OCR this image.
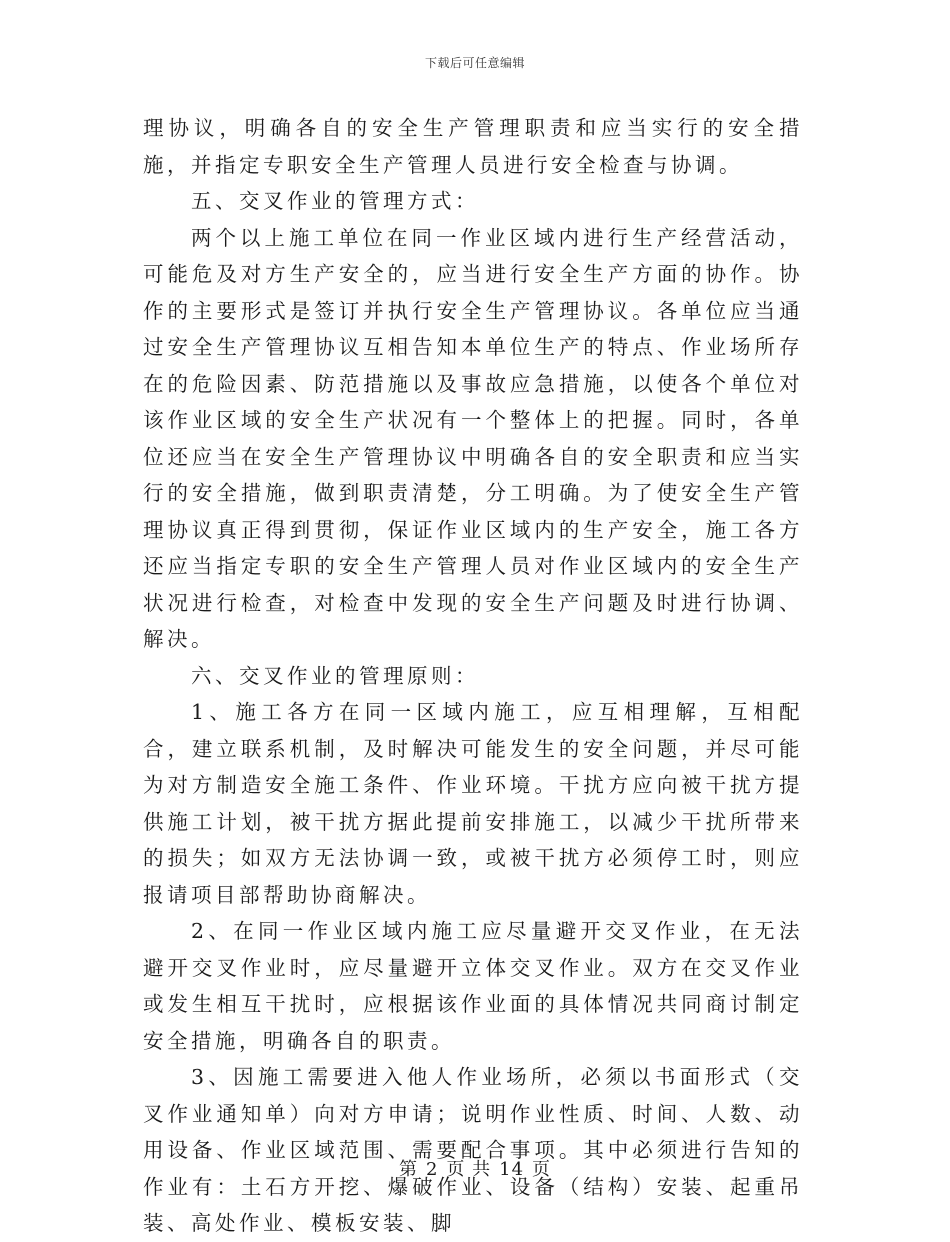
下载后可任意编辑

理协议，明确各自的安全生产管理职责和应当实行的安全措施，并指定专职安全生产管理人员进行安全检查与协调。

五、交叉作业的管理方式：

两个以上施工单位在同一作业区域内进行生产经营活动，可能危及对方生产安全的，应当进行安全生产方面的协作。协作的主要形式是签订并执行安全生产管理协议。各单位应当通过安全生产管理协议互相告知本单位生产的特点、作业场所存在的危险因素、防范措施以及事故应急措施，以使各个单位对该作业区域的安全生产状况有一个整体上的把握。同时，各单位还应当在安全生产管理协议中明确各自的安全职责和应当实行的安全措施，做到职责清楚，分工明确。为了使安全生产管理协议真正得到贯彻，保证作业区域内的生产安全，施工各方还应当指定专职的安全生产管理人员对作业区域内的安全生产状况进行检查，对检查中发现的安全生产问题及时进行协调、解决。

六、交叉作业的管理原则：

1、施工各方在同一区域内施工，应互相理解，互相配合，建立联系机制，及时解决可能发生的安全问题，并尽可能为对方制造安全施工条件、作业环境。干扰方应向被干扰方提供施工计划，被干扰方据此提前安排施工，以减少干扰所带来的损失；如双方无法协调一致，或被干扰方必须停工时，则应报请项目部帮助协商解决。

2、在同一作业区域内施工应尽量避开交叉作业，在无法避开交叉作业时，应尽量避开立体交叉作业。双方在交叉作业或发生相互干扰时，应根据该作业面的具体情况共同商讨制定安全措施，明确各自的职责。

3、因施工需要进入他人作业场所，必须以书面形式（交叉作业通知单）向对方申请；说明作业性质、时间、人数、动用设备、作业区域范围、需要配合事项。其中必须进行告知的作业有：土石方开挖、爆破作业、设备（结构）安装、起重吊装、高处作业、模板安装、脚

第 2 页 共 14 页
